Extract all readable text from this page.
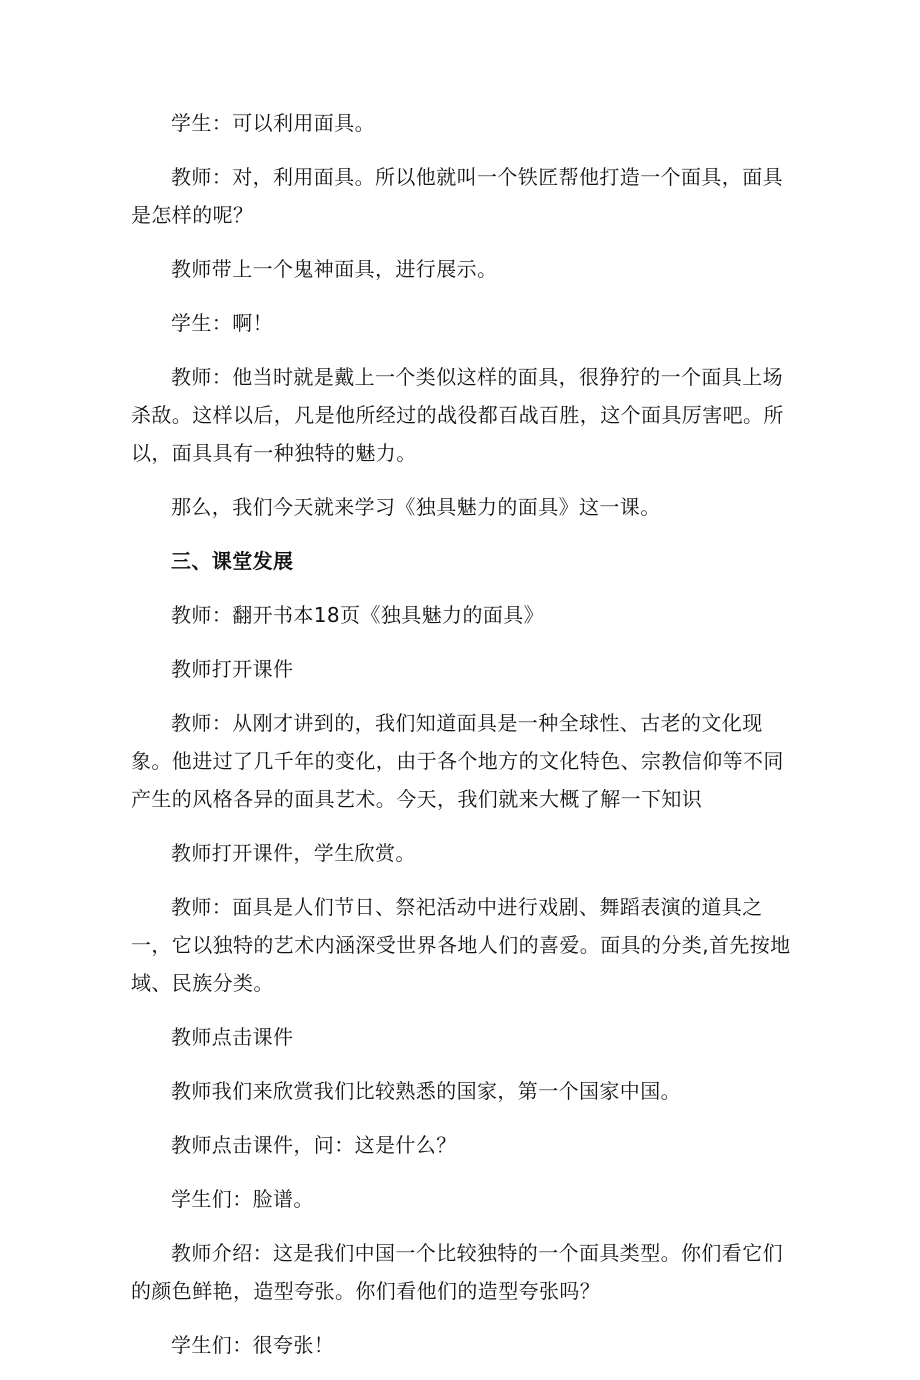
学生：可以利用面具。

教师：对，利用面具。所以他就叫一个铁匠帮他打造一个面具，面具是怎样的呢？

教师带上一个鬼神面具，进行展示。

学生：啊！

教师：他当时就是戴上一个类似这样的面具，很狰狞的一个面具上场杀敌。这样以后，凡是他所经过的战役都百战百胜，这个面具厉害吧。所以，面具具有一种独特的魅力。

那么，我们今天就来学习《独具魅力的面具》这一课。

三、课堂发展

教师：翻开书本18页《独具魅力的面具》

教师打开课件

教师：从刚才讲到的，我们知道面具是一种全球性、古老的文化现象。他进过了几千年的变化，由于各个地方的文化特色、宗教信仰等不同产生的风格各异的面具艺术。今天，我们就来大概了解一下知识

教师打开课件，学生欣赏。

教师：面具是人们节日、祭祀活动中进行戏剧、舞蹈表演的道具之一，它以独特的艺术内涵深受世界各地人们的喜爱。面具的分类,首先按地域、民族分类。

教师点击课件

教师我们来欣赏我们比较熟悉的国家，第一个国家中国。

教师点击课件，问：这是什么？

学生们：脸谱。

教师介绍：这是我们中国一个比较独特的一个面具类型。你们看它们的颜色鲜艳，造型夸张。你们看他们的造型夸张吗？

学生们：很夸张！
